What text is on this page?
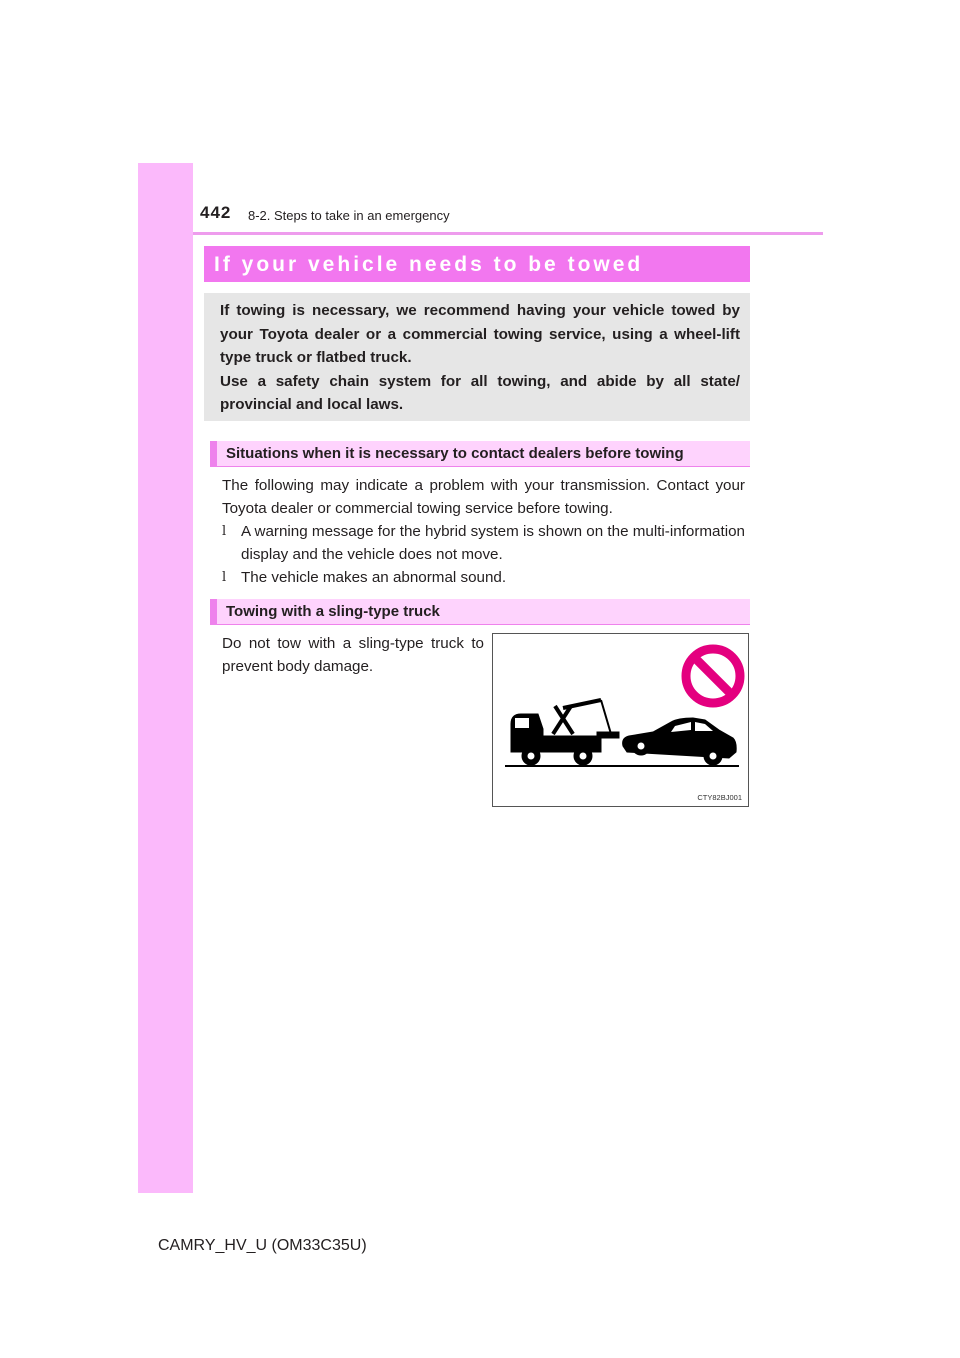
442 8-2. Steps to take in an emergency
If your vehicle needs to be towed

If towing is necessary, we recommend having your vehicle towed by your Toyota dealer or a commercial towing service, using a wheel-lift type truck or flatbed truck.

Use a safety chain system for all towing, and abide by all state/ provincial and local laws.

Situations when it is necessary to contact dealers before towing

The following may indicate a problem with your transmission. Contact your Toyota dealer or commercial towing service before towing.

l A warning message for the hybrid system is shown on the multi-information display and the vehicle does not move.
l The vehicle makes an abnormal sound.
Towing with a sling-type truck
Do not tow with a sling-type truck to prevent body damage.
CTY82BJ001
CAMRY_HV_U (OM33C35U)
